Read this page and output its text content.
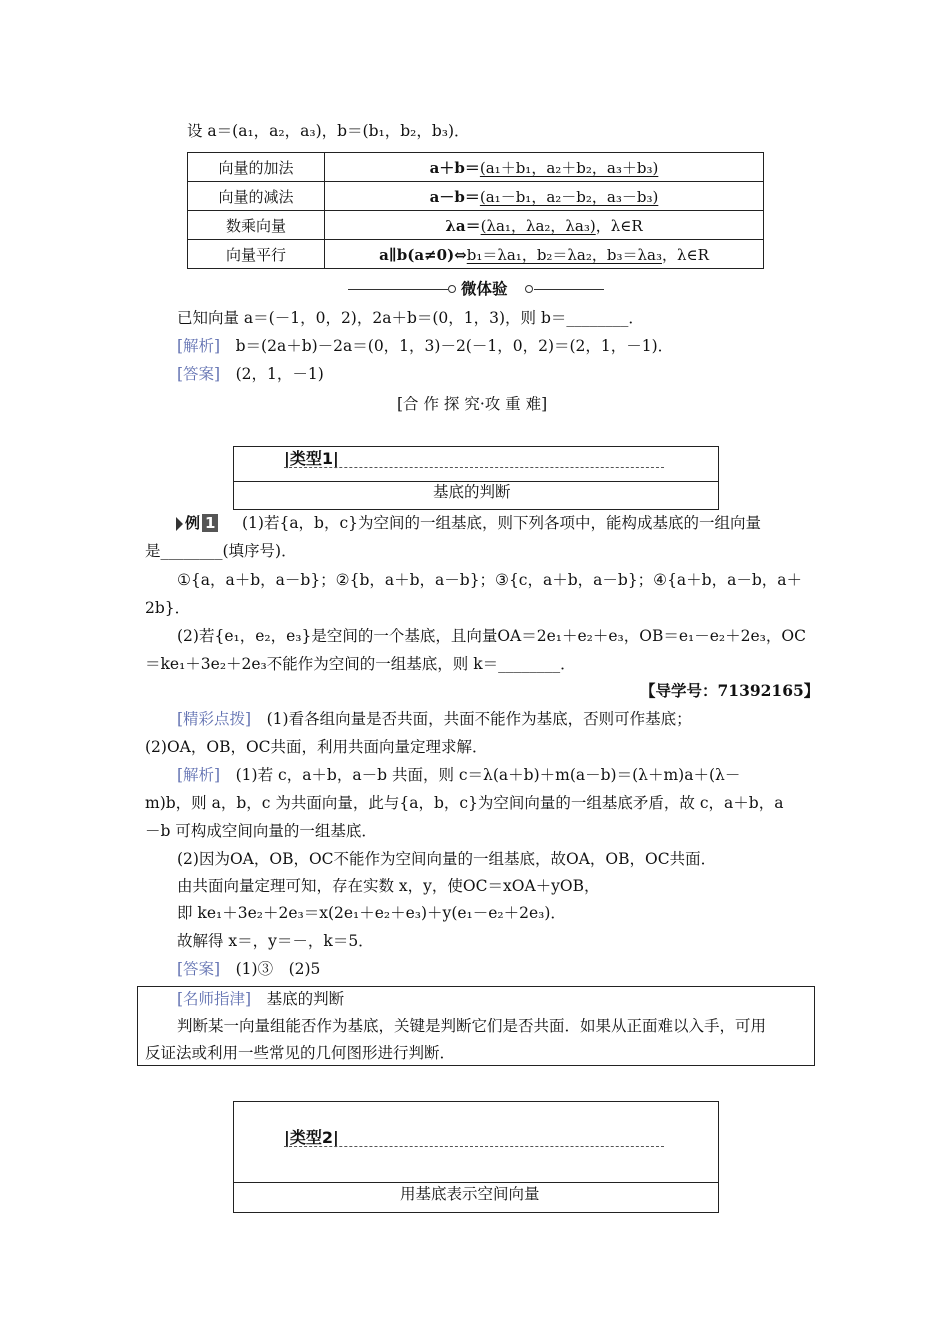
设 a＝(a₁，a₂，a₃)，b＝(b₁，b₂，b₃)．
向量的加法	a＋b＝(a₁＋b₁，a₂＋b₂，a₃＋b₃)
向量的减法	a－b＝(a₁－b₁，a₂－b₂，a₃－b₃)
数乘向量	λa＝(λa₁，λa₂，λa₃)，λ∈R
向量平行	a∥b(a≠0)⇔b₁＝λa₁，b₂＝λa₂，b₃＝λa₃，λ∈R
微体验
已知向量 a＝(－1，0，2)，2a＋b＝(0，1，3)，则 b＝________．
[解析]　 b＝(2a＋b)－2a＝(0，1，3)－2(－1，0，2)＝(2，1，－1)．
[答案]　 (2，1，－1)
[合 作 探 究·攻 重 难]
|类型1|
基底的判断
例 1 (1)若{a，b，c}为空间的一组基底，则下列各项中，能构成基底的一组向量
是________(填序号)．
①{a，a＋b，a－b}；②{b，a＋b，a－b}；③{c，a＋b，a－b}；④{a＋b，a－b，a＋
2b}．
(2)若{e₁，e₂，e₃}是空间的一个基底，且向量OA＝2e₁＋e₂＋e₃，OB＝e₁－e₂＋2e₃，OC
＝ke₁＋3e₂＋2e₃不能作为空间的一组基底，则 k＝________．
【导学号：71392165】
[精彩点拨]　 (1)看各组向量是否共面，共面不能作为基底，否则可作基底；
(2)OA，OB，OC共面，利用共面向量定理求解．
[解析]　 (1)若 c，a＋b，a－b 共面，则 c＝λ(a＋b)＋m(a－b)＝(λ＋m)a＋(λ－
m)b，则 a，b，c 为共面向量，此与{a，b，c}为空间向量的一组基底矛盾，故 c，a＋b，a
－b 可构成空间向量的一组基底．
(2)因为OA，OB，OC不能作为空间向量的一组基底，故OA，OB，OC共面．
由共面向量定理可知，存在实数 x，y，使OC＝xOA＋yOB，
即 ke₁＋3e₂＋2e₃＝x(2e₁＋e₂＋e₃)＋y(e₁－e₂＋2e₃)．
故解得 x＝，y＝－，k＝5．
[答案]　 (1)③　(2)5
[名师指津]　 基底的判断
判断某一向量组能否作为基底，关键是判断它们是否共面．如果从正面难以入手，可用
反证法或利用一些常见的几何图形进行判断．
|类型2|
用基底表示空间向量
